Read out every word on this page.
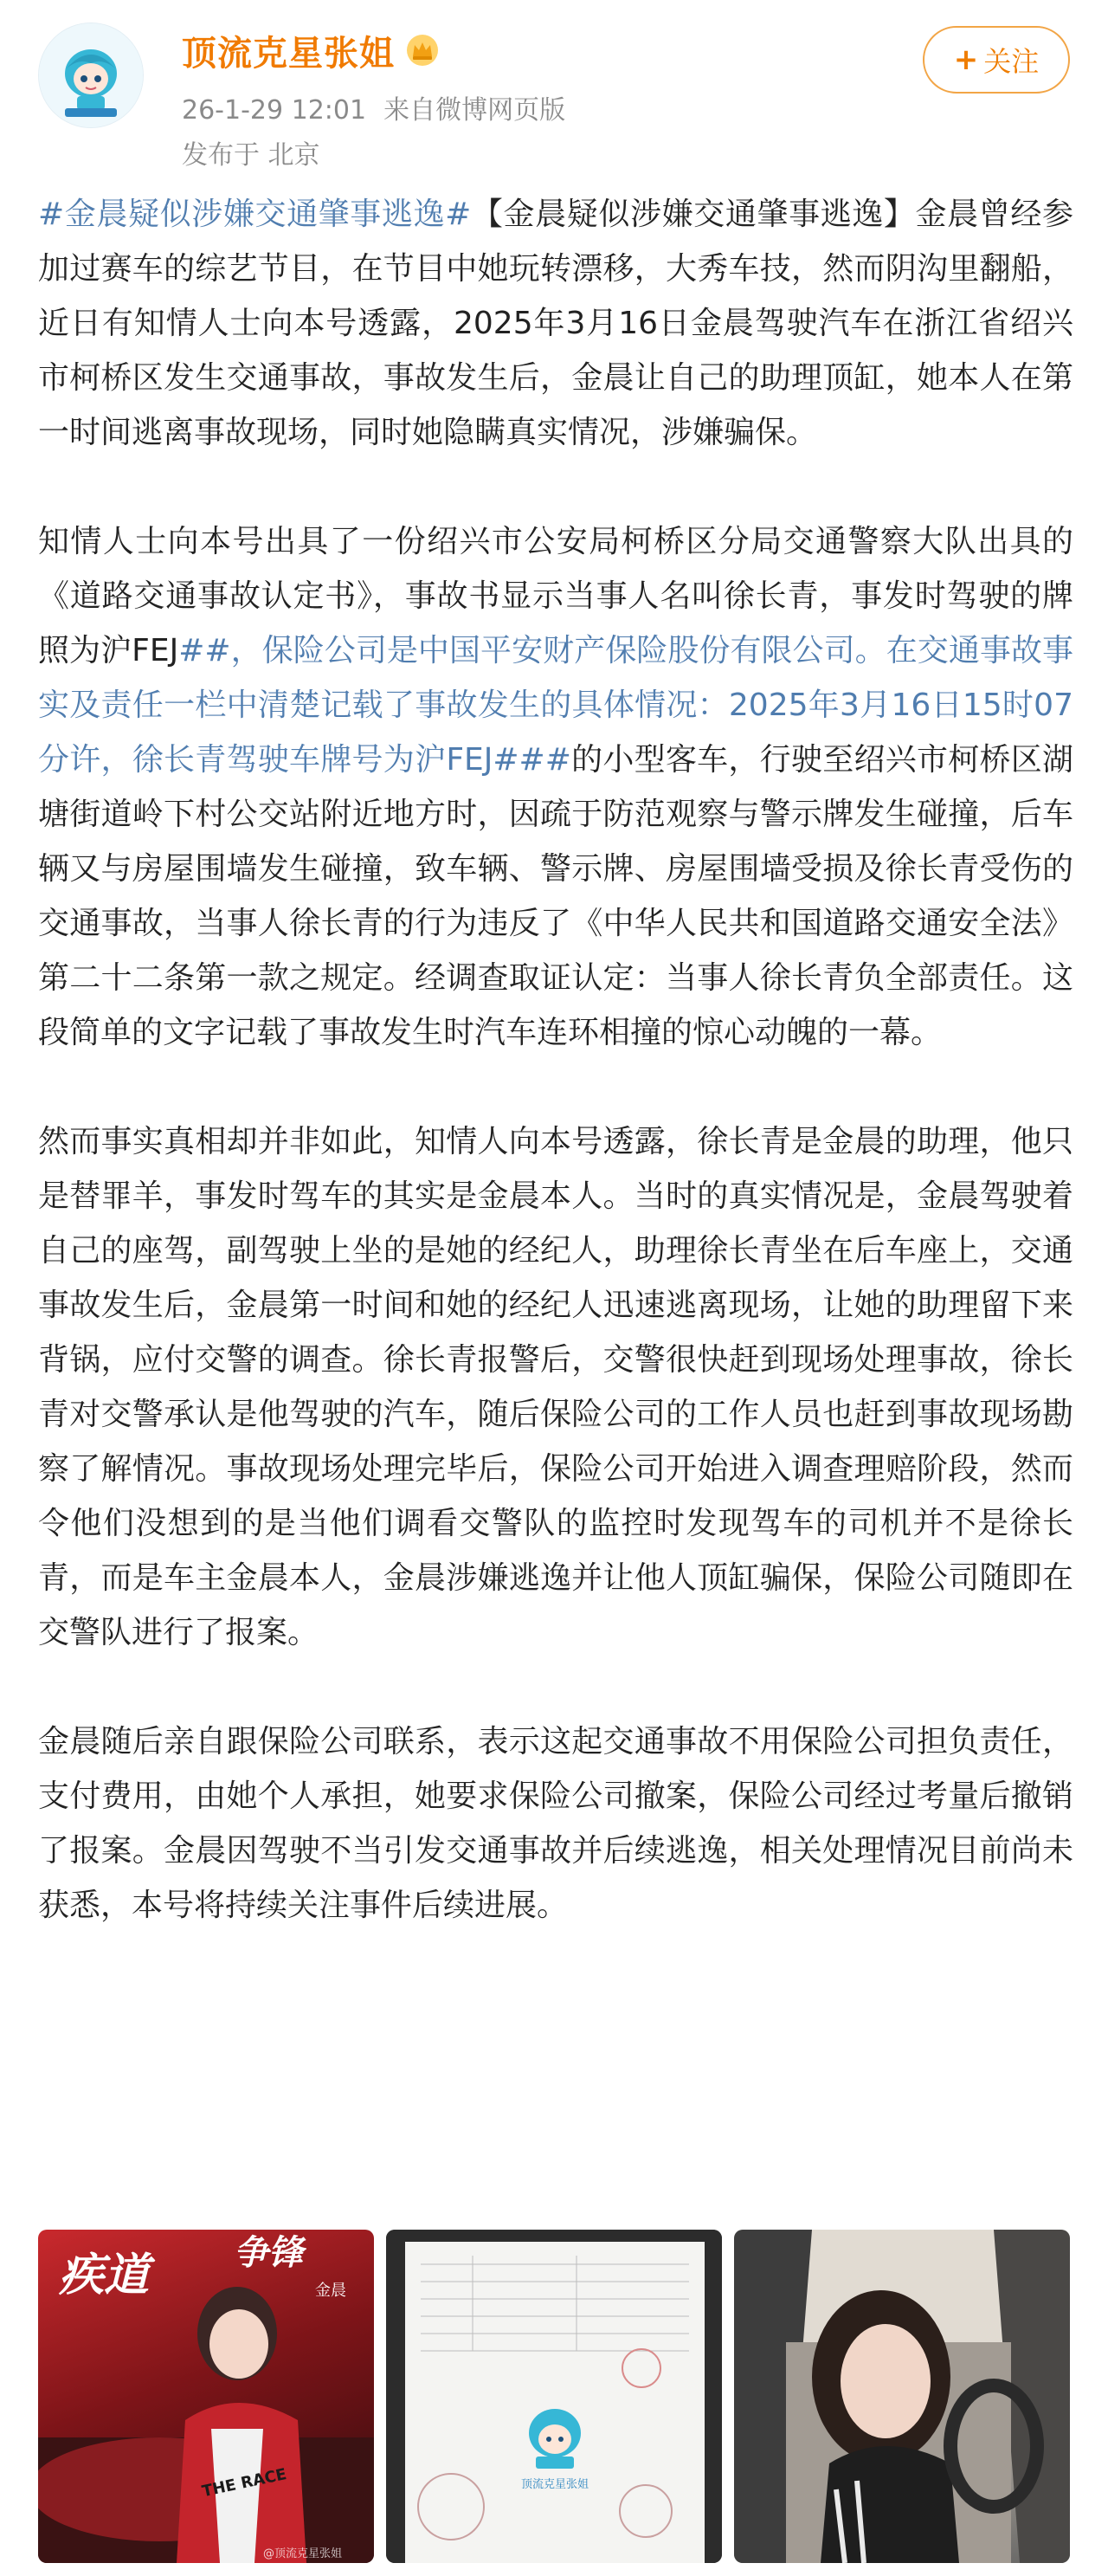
顶流克星张姐
26-1-29 12:01 来自微博网页版
发布于 北京
+ 关注

#金晨疑似涉嫌交通肇事逃逸#【金晨疑似涉嫌交通肇事逃逸】金晨曾经参加过赛车的综艺节目，在节目中她玩转漂移，大秀车技，然而阴沟里翻船，近日有知情人士向本号透露，2025年3月16日金晨驾驶汽车在浙江省绍兴市柯桥区发生交通事故，事故发生后，金晨让自己的助理顶缸，她本人在第一时间逃离事故现场，同时她隐瞒真实情况，涉嫌骗保。

知情人士向本号出具了一份绍兴市公安局柯桥区分局交通警察大队出具的《道路交通事故认定书》，事故书显示当事人名叫徐长青，事发时驾驶的牌照为沪FEJ##，保险公司是中国平安财产保险股份有限公司。在交通事故事实及责任一栏中清楚记载了事故发生的具体情况：2025年3月16日15时07分许，徐长青驾驶车牌号为沪FEJ###的小型客车，行驶至绍兴市柯桥区湖塘街道岭下村公交站附近地方时，因疏于防范观察与警示牌发生碰撞，后车辆又与房屋围墙发生碰撞，致车辆、警示牌、房屋围墙受损及徐长青受伤的交通事故，当事人徐长青的行为违反了《中华人民共和国道路交通安全法》第二十二条第一款之规定。经调查取证认定：当事人徐长青负全部责任。这段简单的文字记载了事故发生时汽车连环相撞的惊心动魄的一幕。

然而事实真相却并非如此，知情人向本号透露，徐长青是金晨的助理，他只是替罪羊，事发时驾车的其实是金晨本人。当时的真实情况是，金晨驾驶着自己的座驾，副驾驶上坐的是她的经纪人，助理徐长青坐在后车座上，交通事故发生后，金晨第一时间和她的经纪人迅速逃离现场，让她的助理留下来背锅，应付交警的调查。徐长青报警后，交警很快赶到现场处理事故，徐长青对交警承认是他驾驶的汽车，随后保险公司的工作人员也赶到事故现场勘察了解情况。事故现场处理完毕后，保险公司开始进入调查理赔阶段，然而令他们没想到的是当他们调看交警队的监控时发现驾车的司机并不是徐长青，而是车主金晨本人，金晨涉嫌逃逸并让他人顶缸骗保，保险公司随即在交警队进行了报案。

金晨随后亲自跟保险公司联系，表示这起交通事故不用保险公司担负责任，支付费用，由她个人承担，她要求保险公司撤案，保险公司经过考量后撤销了报案。金晨因驾驶不当引发交通事故并后续逃逸，相关处理情况目前尚未获悉，本号将持续关注事件后续进展。

疾道 争锋
金晨
THE RACE
@顶流克星张姐
顶流克星张姐
